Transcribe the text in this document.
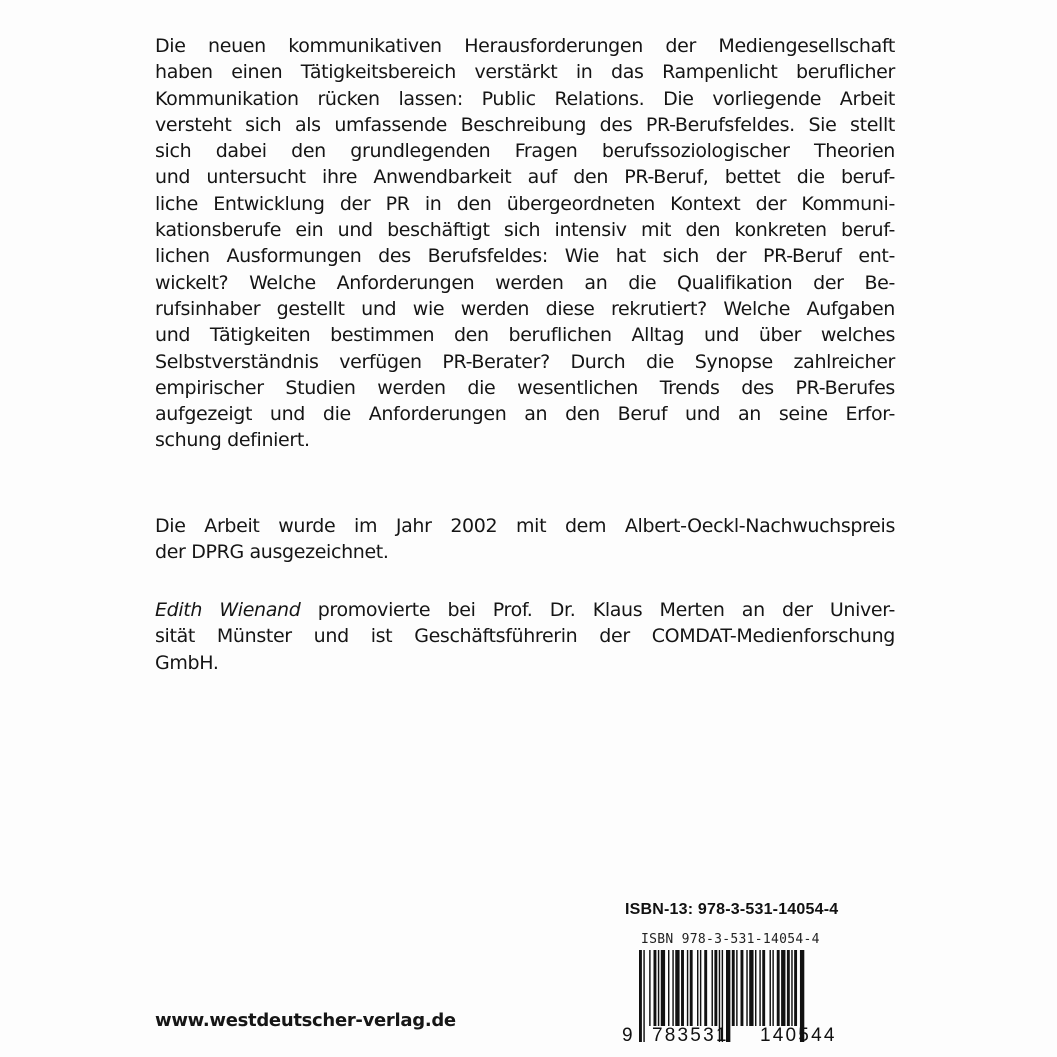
Die neuen kommunikativen Herausforderungen der Mediengesellschaft
haben einen Tätigkeitsbereich verstärkt in das Rampenlicht beruflicher
Kommunikation rücken lassen: Public Relations. Die vorliegende Arbeit
versteht sich als umfassende Beschreibung des PR-Berufsfeldes. Sie stellt
sich dabei den grundlegenden Fragen berufssoziologischer Theorien
und untersucht ihre Anwendbarkeit auf den PR-Beruf, bettet die beruf-
liche Entwicklung der PR in den übergeordneten Kontext der Kommuni-
kationsberufe ein und beschäftigt sich intensiv mit den konkreten beruf-
lichen Ausformungen des Berufsfeldes: Wie hat sich der PR-Beruf ent-
wickelt? Welche Anforderungen werden an die Qualifikation der Be-
rufsinhaber gestellt und wie werden diese rekrutiert? Welche Aufgaben
und Tätigkeiten bestimmen den beruflichen Alltag und über welches
Selbstverständnis verfügen PR-Berater? Durch die Synopse zahlreicher
empirischer Studien werden die wesentlichen Trends des PR-Berufes
aufgezeigt und die Anforderungen an den Beruf und an seine Erfor-
schung definiert.
Die Arbeit wurde im Jahr 2002 mit dem Albert-Oeckl-Nachwuchspreis
der DPRG ausgezeichnet.
Edith Wienand promovierte bei Prof. Dr. Klaus Merten an der Univer-
sität Münster und ist Geschäftsführerin der COMDAT-Medienforschung
GmbH.
ISBN-13: 978-3-531-14054-4
ISBN 978-3-531-14054-4
9 783531 140544
www.westdeutscher-verlag.de
